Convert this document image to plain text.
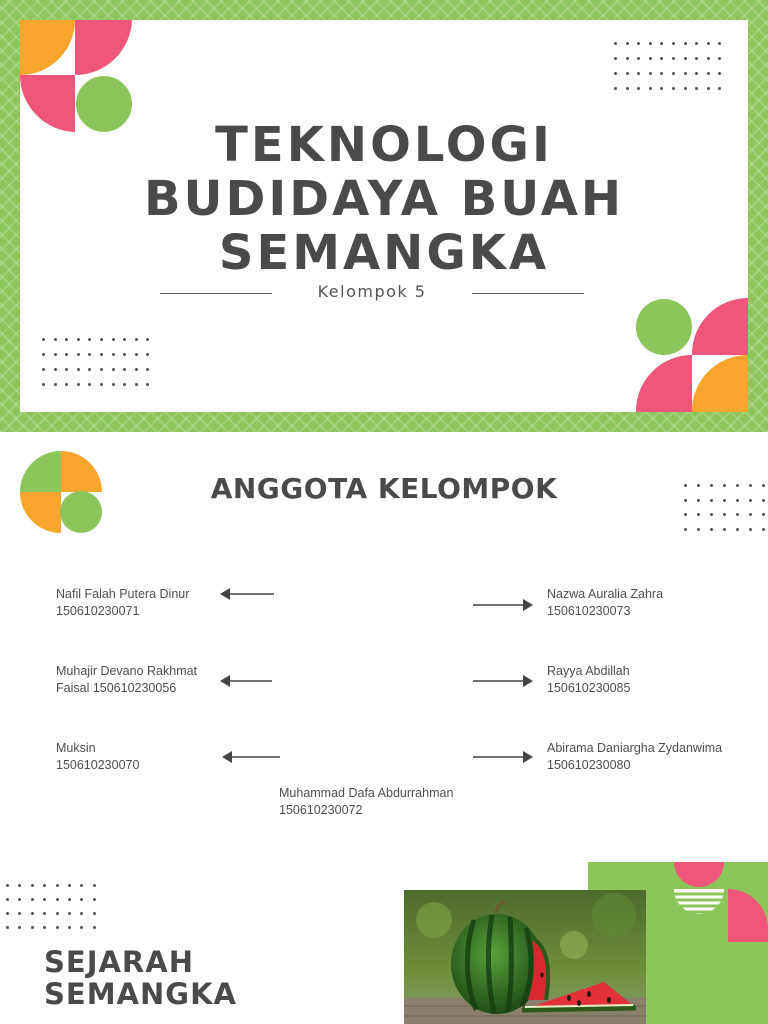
TEKNOLOGI
BUDIDAYA BUAH
SEMANGKA
Kelompok 5
ANGGOTA KELOMPOK
Nafil Falah Putera Dinur
150610230071
Muhajir Devano Rakhmat
Faisal 150610230056
Muksin
150610230070
Nazwa Auralia Zahra
150610230073
Rayya Abdillah
150610230085
Abirama Daniargha Zydanwima
150610230080
Muhammad Dafa Abdurrahman
150610230072
SEJARAH
SEMANGKA
